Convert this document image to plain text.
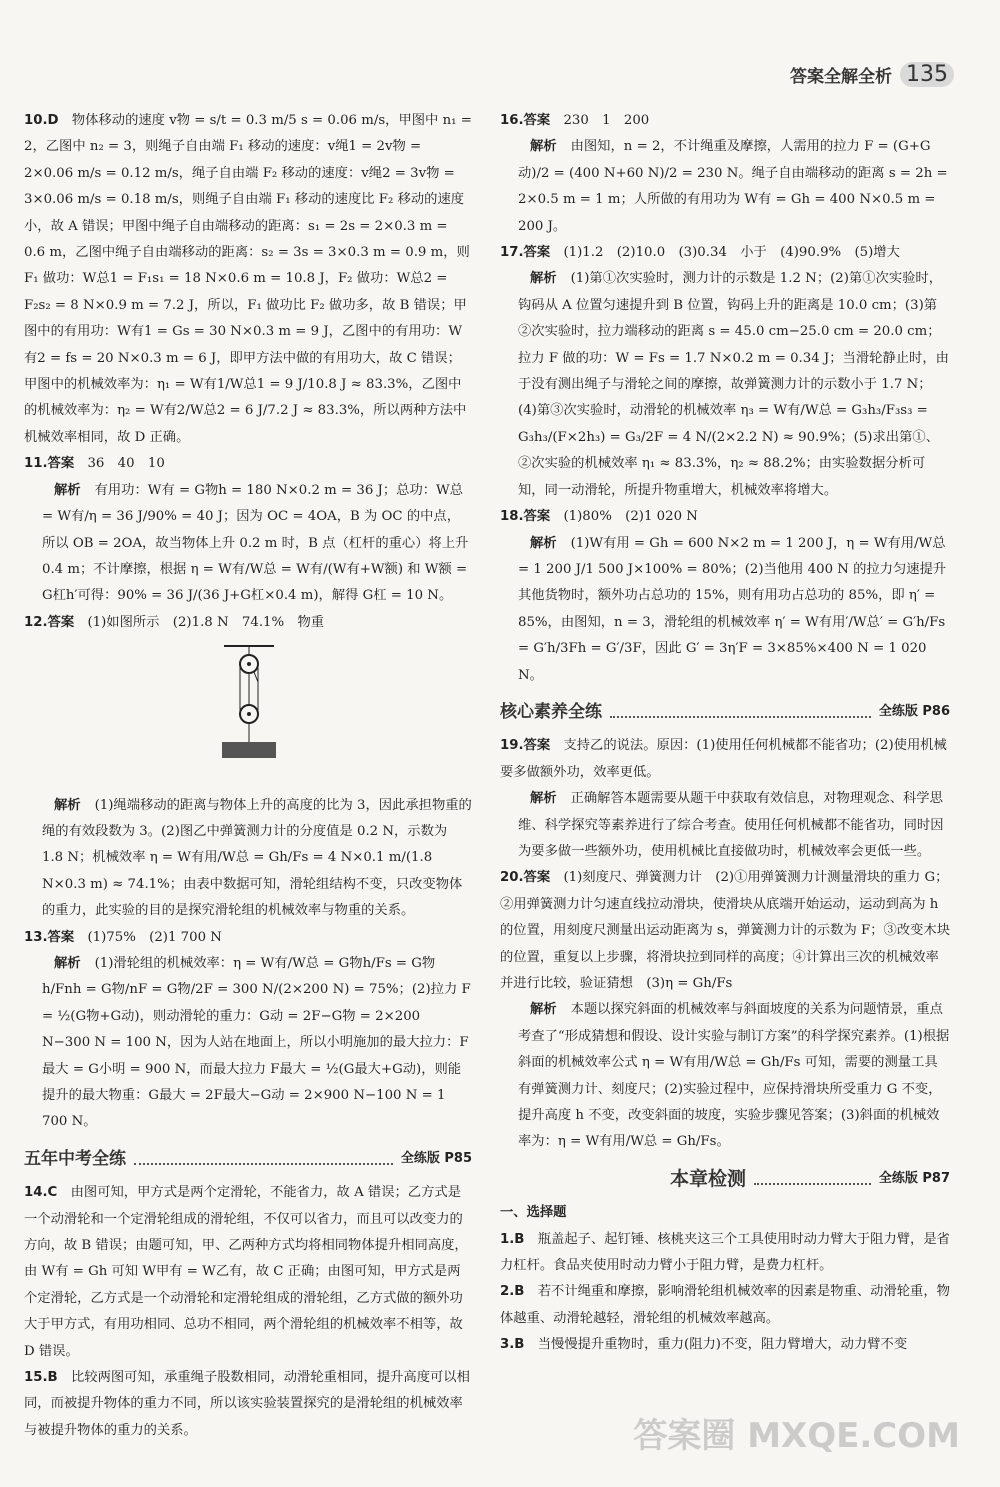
答案全解全析 135

10.D　 物体移动的速度 v物 = s/t = 0.3 m/5 s = 0.06 m/s，甲图中 n₁ = 2，乙图中 n₂ = 3，则绳子自由端 F₁ 移动的速度：v绳1 = 2v物 = 2×0.06 m/s = 0.12 m/s，绳子自由端 F₂ 移动的速度：v绳2 = 3v物 = 3×0.06 m/s = 0.18 m/s，则绳子自由端 F₁ 移动的速度比 F₂ 移动的速度小，故 A 错误；甲图中绳子自由端移动的距离：s₁ = 2s = 2×0.3 m = 0.6 m，乙图中绳子自由端移动的距离：s₂ = 3s = 3×0.3 m = 0.9 m，则 F₁ 做功：W总1 = F₁s₁ = 18 N×0.6 m = 10.8 J，F₂ 做功：W总2 = F₂s₂ = 8 N×0.9 m = 7.2 J，所以，F₁ 做功比 F₂ 做功多，故 B 错误；甲图中的有用功：W有1 = Gs = 30 N×0.3 m = 9 J，乙图中的有用功：W有2 = fs = 20 N×0.3 m = 6 J，即甲方法中做的有用功大，故 C 错误；甲图中的机械效率为：η₁ = W有1/W总1 = 9 J/10.8 J ≈ 83.3%，乙图中的机械效率为：η₂ = W有2/W总2 = 6 J/7.2 J ≈ 83.3%，所以两种方法中机械效率相同，故 D 正确。

11.答案　 36　40　10

解析 有用功：W有 = G物h = 180 N×0.2 m = 36 J；总功：W总 = W有/η = 36 J/90% = 40 J；因为 OC = 4OA，B 为 OC 的中点，所以 OB = 2OA，故当物体上升 0.2 m 时，B 点（杠杆的重心）将上升 0.4 m；不计摩擦，根据 η = W有/W总 = W有/(W有+W额) 和 W额 = G杠h′可得：90% = 36 J/(36 J+G杠×0.4 m)，解得 G杠 = 10 N。

12.答案　 (1)如图所示　(2)1.8 N　74.1%　物重

解析 (1)绳端移动的距离与物体上升的高度的比为 3，因此承担物重的绳的有效段数为 3。(2)图乙中弹簧测力计的分度值是 0.2 N，示数为 1.8 N；机械效率 η = W有用/W总 = Gh/Fs = 4 N×0.1 m/(1.8 N×0.3 m) ≈ 74.1%；由表中数据可知，滑轮组结构不变，只改变物体的重力，此实验的目的是探究滑轮组的机械效率与物重的关系。

13.答案　 (1)75%　(2)1 700 N

解析 (1)滑轮组的机械效率：η = W有/W总 = G物h/Fs = G物h/Fnh = G物/nF = G物/2F = 300 N/(2×200 N) = 75%；(2)拉力 F = ½(G物+G动)，则动滑轮的重力：G动 = 2F−G物 = 2×200 N−300 N = 100 N，因为人站在地面上，所以小明施加的最大拉力：F最大 = G小明 = 900 N，而最大拉力 F最大 = ½(G最大+G动)，则能提升的最大物重：G最大 = 2F最大−G动 = 2×900 N−100 N = 1 700 N。

五年中考全练	全练版 P85

14.C　 由图可知，甲方式是两个定滑轮，不能省力，故 A 错误；乙方式是一个动滑轮和一个定滑轮组成的滑轮组，不仅可以省力，而且可以改变力的方向，故 B 错误；由题可知，甲、乙两种方式均将相同物体提升相同高度，由 W有 = Gh 可知 W甲有 = W乙有，故 C 正确；由图可知，甲方式是两个定滑轮，乙方式是一个动滑轮和定滑轮组成的滑轮组，乙方式做的额外功大于甲方式，有用功相同、总功不相同，两个滑轮组的机械效率不相等，故 D 错误。

15.B　 比较两图可知，承重绳子股数相同，动滑轮重相同，提升高度可以相同，而被提升物体的重力不同，所以该实验装置探究的是滑轮组的机械效率与被提升物体的重力的关系。

16.答案　 230　1　200

解析 由图知，n = 2，不计绳重及摩擦，人需用的拉力 F = (G+G动)/2 = (400 N+60 N)/2 = 230 N。绳子自由端移动的距离 s = 2h = 2×0.5 m = 1 m；人所做的有用功为 W有 = Gh = 400 N×0.5 m = 200 J。

17.答案　 (1)1.2　(2)10.0　(3)0.34　小于　(4)90.9%　(5)增大

解析 (1)第①次实验时，测力计的示数是 1.2 N；(2)第①次实验时，钩码从 A 位置匀速提升到 B 位置，钩码上升的距离是 10.0 cm；(3)第②次实验时，拉力端移动的距离 s = 45.0 cm−25.0 cm = 20.0 cm；拉力 F 做的功：W = Fs = 1.7 N×0.2 m = 0.34 J；当滑轮静止时，由于没有测出绳子与滑轮之间的摩擦，故弹簧测力计的示数小于 1.7 N；(4)第③次实验时，动滑轮的机械效率 η₃ = W有/W总 = G₃h₃/F₃s₃ = G₃h₃/(F×2h₃) = G₃/2F = 4 N/(2×2.2 N) ≈ 90.9%；(5)求出第①、②次实验的机械效率 η₁ ≈ 83.3%，η₂ ≈ 88.2%；由实验数据分析可知，同一动滑轮，所提升物重增大，机械效率将增大。

18.答案　 (1)80%　(2)1 020 N

解析 (1)W有用 = Gh = 600 N×2 m = 1 200 J，η = W有用/W总 = 1 200 J/1 500 J×100% = 80%；(2)当他用 400 N 的拉力匀速提升其他货物时，额外功占总功的 15%，则有用功占总功的 85%，即 η′ = 85%，由图知，n = 3，滑轮组的机械效率 η′ = W有用′/W总′ = G′h/Fs = G′h/3Fh = G′/3F，因此 G′ = 3η′F = 3×85%×400 N = 1 020 N。

核心素养全练	全练版 P86

19.答案　 支持乙的说法。原因：(1)使用任何机械都不能省功；(2)使用机械要多做额外功，效率更低。

解析 正确解答本题需要从题干中获取有效信息，对物理观念、科学思维、科学探究等素养进行了综合考查。使用任何机械都不能省功，同时因为要多做一些额外功，使用机械比直接做功时，机械效率会更低一些。

20.答案　 (1)刻度尺、弹簧测力计　(2)①用弹簧测力计测量滑块的重力 G；②用弹簧测力计匀速直线拉动滑块，使滑块从底端开始运动，运动到高为 h 的位置，用刻度尺测量出运动距离为 s，弹簧测力计的示数为 F；③改变木块的位置，重复以上步骤，将滑块拉到同样的高度；④计算出三次的机械效率并进行比较，验证猜想　(3)η = Gh/Fs

解析 本题以探究斜面的机械效率与斜面坡度的关系为问题情景，重点考查了“形成猜想和假设、设计实验与制订方案”的科学探究素养。(1)根据斜面的机械效率公式 η = W有用/W总 = Gh/Fs 可知，需要的测量工具有弹簧测力计、刻度尺；(2)实验过程中，应保持滑块所受重力 G 不变，提升高度 h 不变，改变斜面的坡度，实验步骤见答案；(3)斜面的机械效率为：η = W有用/W总 = Gh/Fs。

本章检测	全练版 P87
一、选择题

1.B　 瓶盖起子、起钉锤、核桃夹这三个工具使用时动力臂大于阻力臂，是省力杠杆。食品夹使用时动力臂小于阻力臂，是费力杠杆。

2.B　 若不计绳重和摩擦，影响滑轮组机械效率的因素是物重、动滑轮重，物体越重、动滑轮越轻，滑轮组的机械效率越高。

3.B　 当慢慢提升重物时，重力(阻力)不变，阻力臂增大，动力臂不变

答案圈 MXQE.COM
